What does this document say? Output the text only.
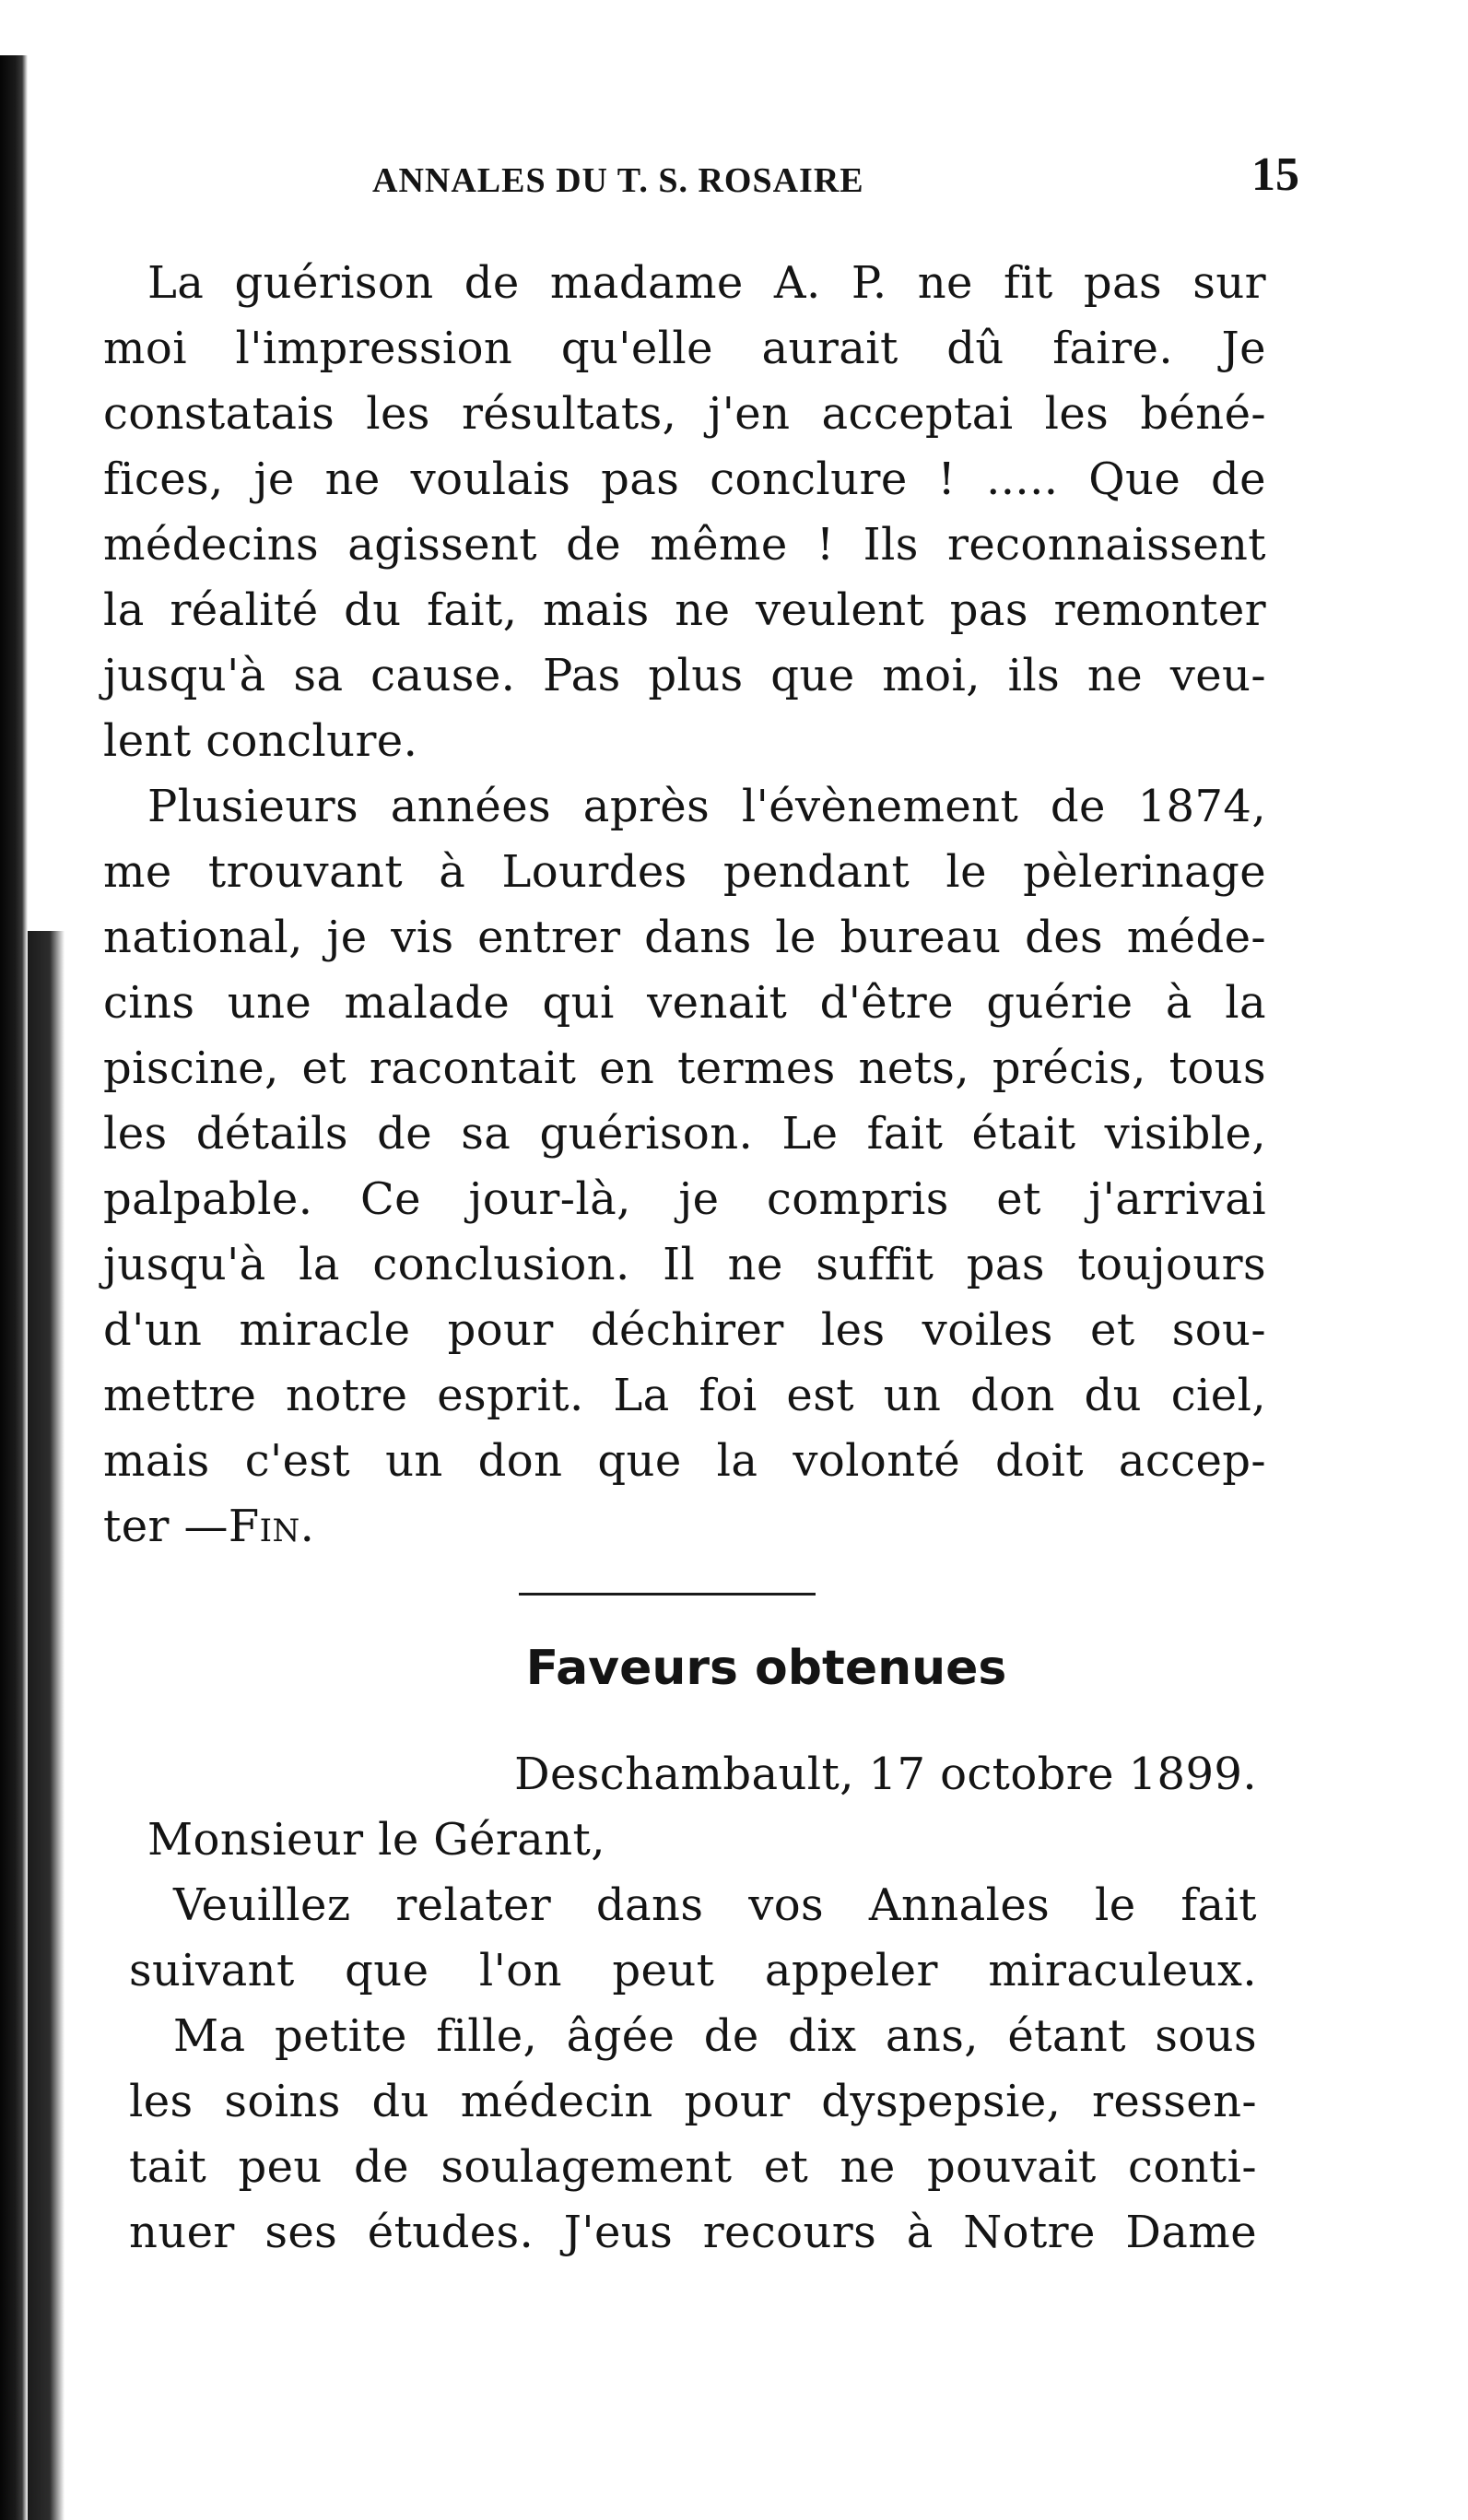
ANNALES DU T. S. ROSAIRE	15
La guérison de madame A. P. ne fit pas sur
moi l'impression qu'elle aurait dû faire. Je
constatais les résultats, j'en acceptai les béné-
fices, je ne voulais pas conclure ! ..... Que de
médecins agissent de même ! Ils reconnaissent
la réalité du fait, mais ne veulent pas remonter
jusqu'à sa cause. Pas plus que moi, ils ne veu-
lent conclure.
Plusieurs années après l'évènement de 1874,
me trouvant à Lourdes pendant le pèlerinage
national, je vis entrer dans le bureau des méde-
cins une malade qui venait d'être guérie à la
piscine, et racontait en termes nets, précis, tous
les détails de sa guérison. Le fait était visible,
palpable. Ce jour-là, je compris et j'arrivai
jusqu'à la conclusion. Il ne suffit pas toujours
d'un miracle pour déchirer les voiles et sou-
mettre notre esprit. La foi est un don du ciel,
mais c'est un don que la volonté doit accep-
ter —Fin.
Faveurs obtenues
Deschambault, 17 octobre 1899.
Monsieur le Gérant,
Veuillez relater dans vos Annales le fait
suivant que l'on peut appeler miraculeux.
Ma petite fille, âgée de dix ans, étant sous
les soins du médecin pour dyspepsie, ressen-
tait peu de soulagement et ne pouvait conti-
nuer ses études. J'eus recours à Notre Dame
